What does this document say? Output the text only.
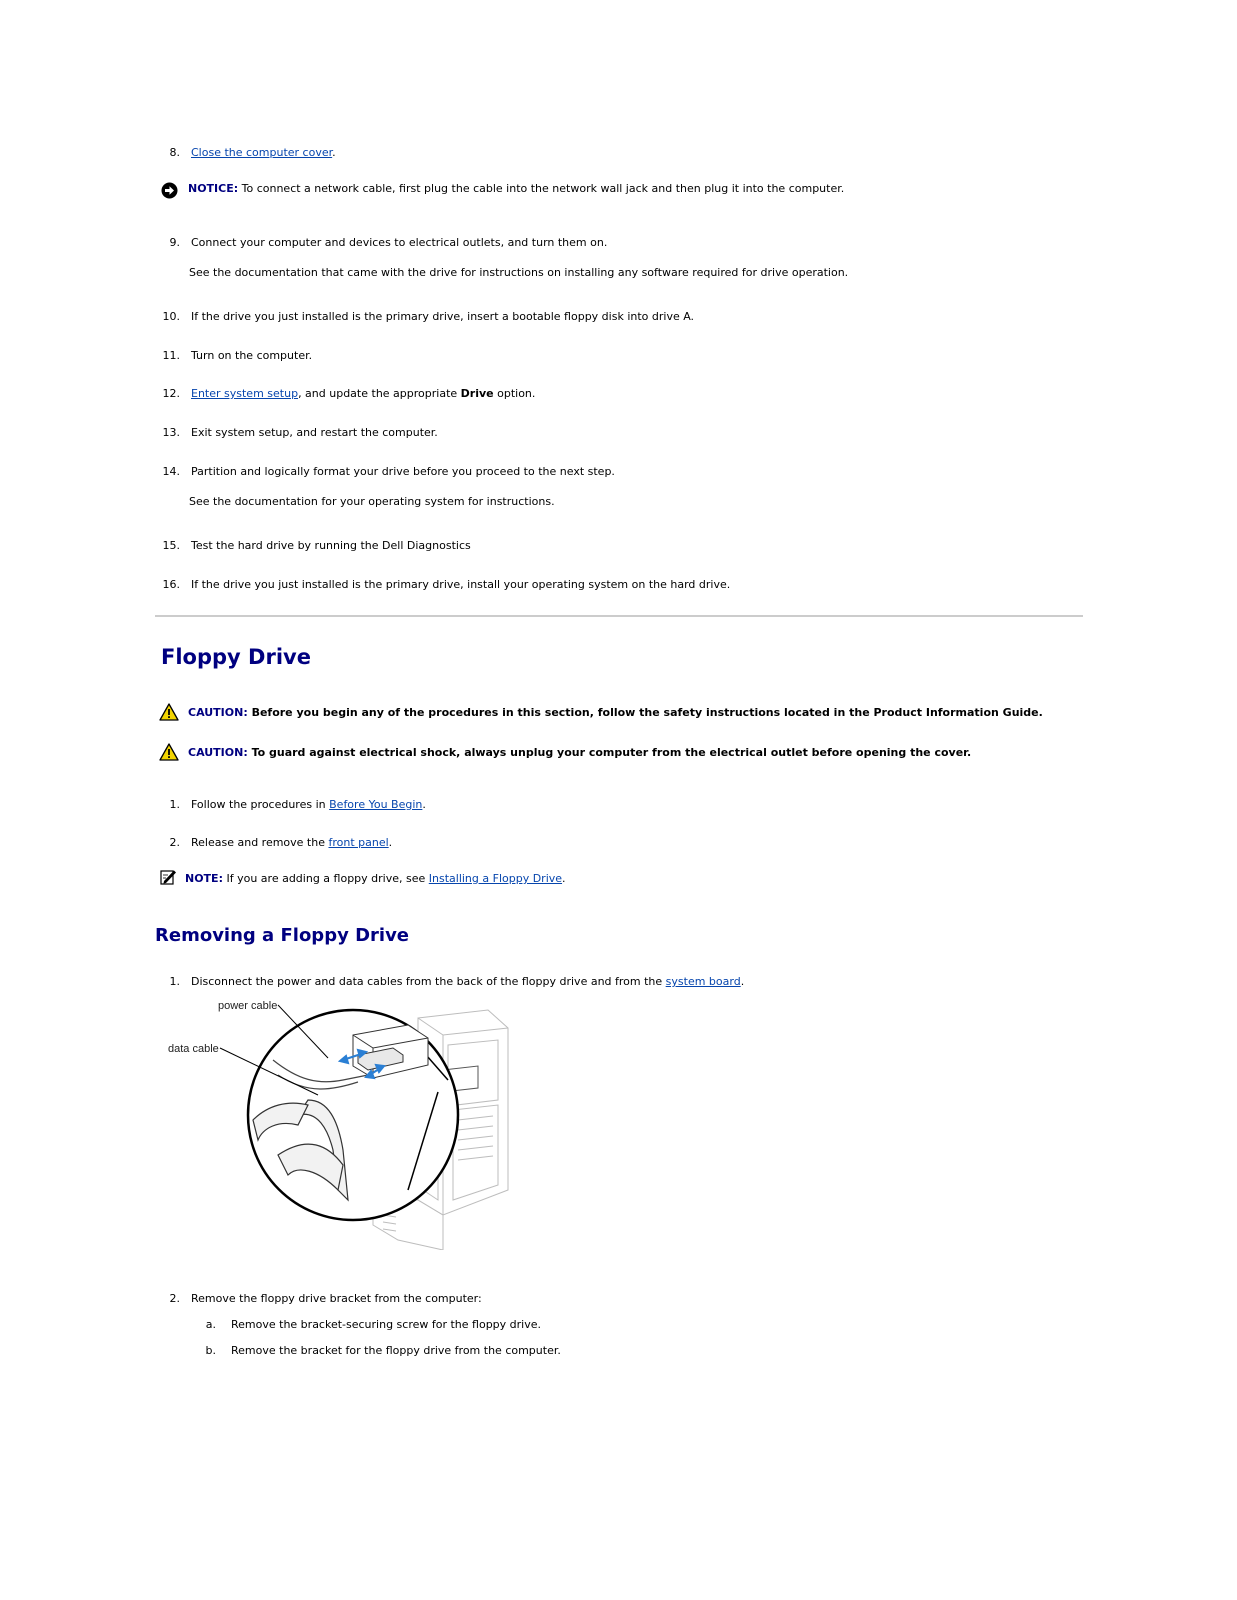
8. Close the computer cover.
NOTICE: To connect a network cable, first plug the cable into the network wall jack and then plug it into the computer.
9. Connect your computer and devices to electrical outlets, and turn them on.
See the documentation that came with the drive for instructions on installing any software required for drive operation.
10. If the drive you just installed is the primary drive, insert a bootable floppy disk into drive A.
11. Turn on the computer.
12. Enter system setup, and update the appropriate Drive option.
13. Exit system setup, and restart the computer.
14. Partition and logically format your drive before you proceed to the next step.
See the documentation for your operating system for instructions.
15. Test the hard drive by running the Dell Diagnostics
16. If the drive you just installed is the primary drive, install your operating system on the hard drive.
Floppy Drive
CAUTION: Before you begin any of the procedures in this section, follow the safety instructions located in the Product Information Guide.
CAUTION: To guard against electrical shock, always unplug your computer from the electrical outlet before opening the cover.
1. Follow the procedures in Before You Begin.
2. Release and remove the front panel.
NOTE: If you are adding a floppy drive, see Installing a Floppy Drive.
Removing a Floppy Drive
1. Disconnect the power and data cables from the back of the floppy drive and from the system board.
power cable
data cable
2. Remove the floppy drive bracket from the computer:
a. Remove the bracket-securing screw for the floppy drive.
b. Remove the bracket for the floppy drive from the computer.
